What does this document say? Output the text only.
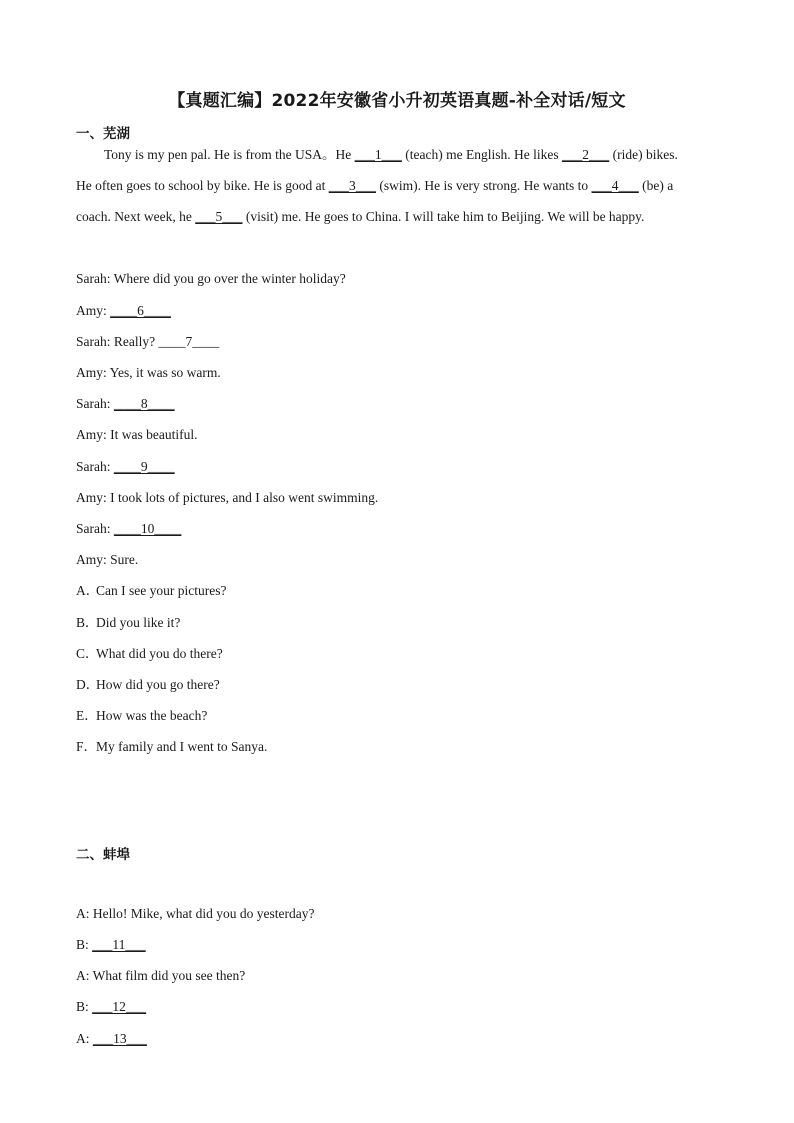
【真题汇编】2022年安徽省小升初英语真题-补全对话/短文
一、芜湖
Tony is my pen pal. He is from the USA。He ___1___ (teach) me English. He likes ___2___ (ride) bikes.
He often goes to school by bike. He is good at ___3___ (swim). He is very strong. He wants to ___4___ (be) a
coach. Next week, he ___5___ (visit) me. He goes to China. I will take him to Beijing. We will be happy.
Sarah: Where did you go over the winter holiday?
Amy: ____6____
Sarah: Really? ____7____
Amy: Yes, it was so warm.
Sarah: ____8____
Amy: It was beautiful.
Sarah: ____9____
Amy: I took lots of pictures, and I also went swimming.
Sarah: ____10____
Amy: Sure.
A．Can I see your pictures?
B．Did you like it?
C．What did you do there?
D．How did you go there?
E．How was the beach?
F．My family and I went to Sanya.
二、蚌埠
A: Hello! Mike, what did you do yesterday?
B: ___11___
A: What film did you see then?
B: ___12___
A: ___13___
